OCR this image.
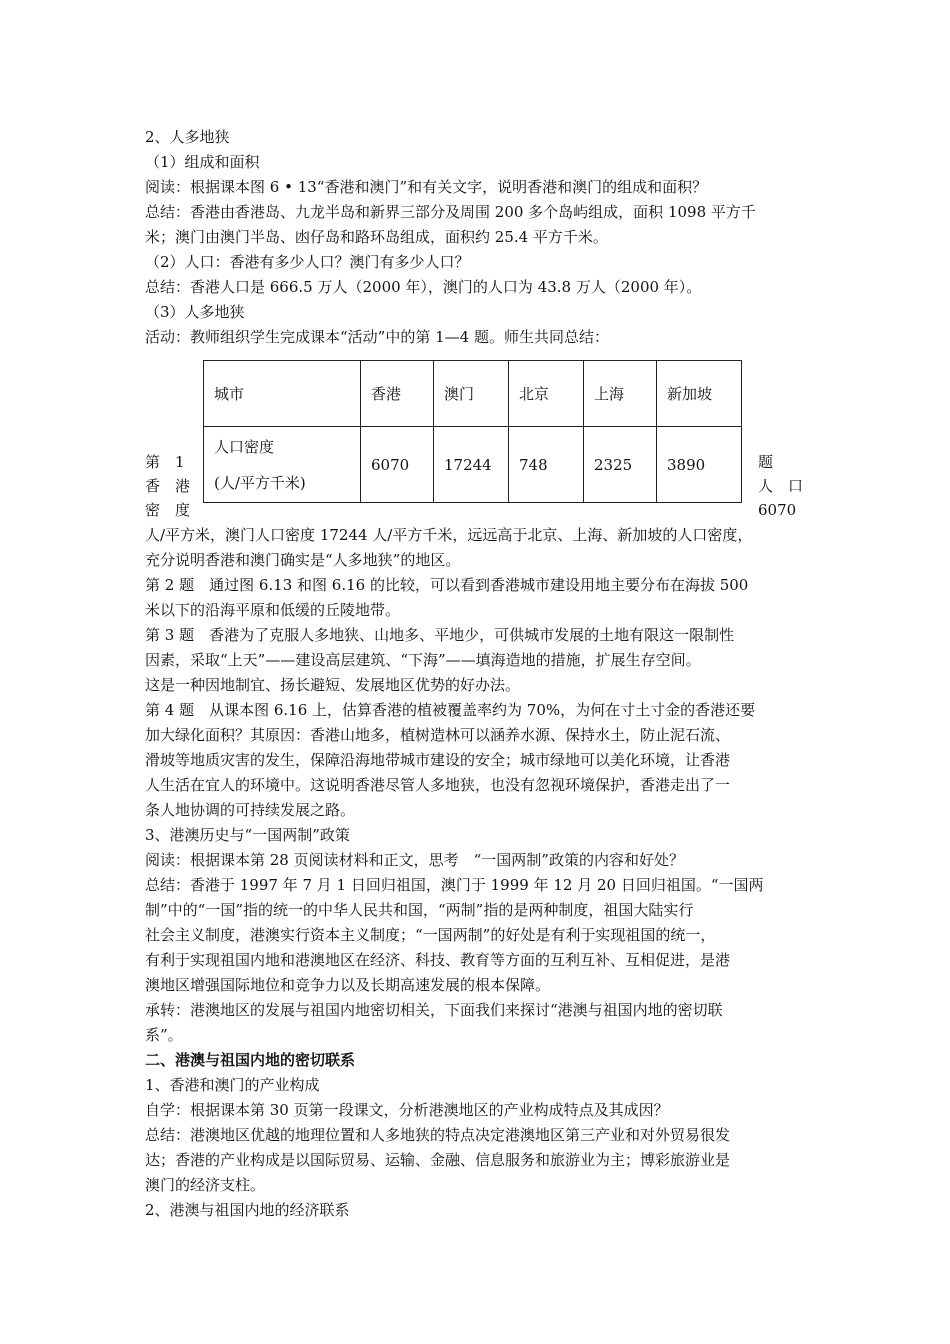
2、人多地狭
（1）组成和面积
阅读：根据课本图 6 • 13“香港和澳门”和有关文字，说明香港和澳门的组成和面积？
总结：香港由香港岛、九龙半岛和新界三部分及周围 200 多个岛屿组成，面积 1098 平方千
米；澳门由澳门半岛、凼仔岛和路环岛组成，面积约 25.4 平方千米。
（2）人口：香港有多少人口？澳门有多少人口？
总结：香港人口是 666.5 万人（2000 年），澳门的人口为 43.8 万人（2000 年）。
（3）人多地狭
活动：教师组织学生完成课本“活动”中的第 1—4 题。师生共同总结：
第　1
香　港
密　度
题
人　口
6070
城市	香港	澳门	北京	上海	新加坡

人口密度
(人/平方千米)	6070	17244	748	2325	3890
人/平方米，澳门人口密度 17244 人/平方千米，远远高于北京、上海、新加坡的人口密度，
充分说明香港和澳门确实是“人多地狭”的地区。
第 2 题　通过图 6.13 和图 6.16 的比较，可以看到香港城市建设用地主要分布在海拔 500
米以下的沿海平原和低缓的丘陵地带。
第 3 题　香港为了克服人多地狭、山地多、平地少，可供城市发展的土地有限这一限制性
因素，采取“上天”——建设高层建筑、“下海”——填海造地的措施，扩展生存空间。
这是一种因地制宜、扬长避短、发展地区优势的好办法。
第 4 题　从课本图 6.16 上，估算香港的植被覆盖率约为 70%，为何在寸土寸金的香港还要
加大绿化面积？其原因：香港山地多，植树造林可以涵养水源、保持水土，防止泥石流、
滑坡等地质灾害的发生，保障沿海地带城市建设的安全；城市绿地可以美化环境，让香港
人生活在宜人的环境中。这说明香港尽管人多地狭，也没有忽视环境保护，香港走出了一
条人地协调的可持续发展之路。
3、港澳历史与“一国两制”政策
阅读：根据课本第 28 页阅读材料和正文，思考　“一国两制”政策的内容和好处？
总结：香港于 1997 年 7 月 1 日回归祖国，澳门于 1999 年 12 月 20 日回归祖国。“一国两
制”中的“一国”指的统一的中华人民共和国，“两制”指的是两种制度，祖国大陆实行
社会主义制度，港澳实行资本主义制度；“一国两制”的好处是有利于实现祖国的统一，
有利于实现祖国内地和港澳地区在经济、科技、教育等方面的互利互补、互相促进，是港
澳地区增强国际地位和竞争力以及长期高速发展的根本保障。
承转：港澳地区的发展与祖国内地密切相关，下面我们来探讨“港澳与祖国内地的密切联
系”。
二、港澳与祖国内地的密切联系
1、香港和澳门的产业构成
自学：根据课本第 30 页第一段课文，分析港澳地区的产业构成特点及其成因？
总结：港澳地区优越的地理位置和人多地狭的特点决定港澳地区第三产业和对外贸易很发
达；香港的产业构成是以国际贸易、运输、金融、信息服务和旅游业为主；博彩旅游业是
澳门的经济支柱。
2、港澳与祖国内地的经济联系
